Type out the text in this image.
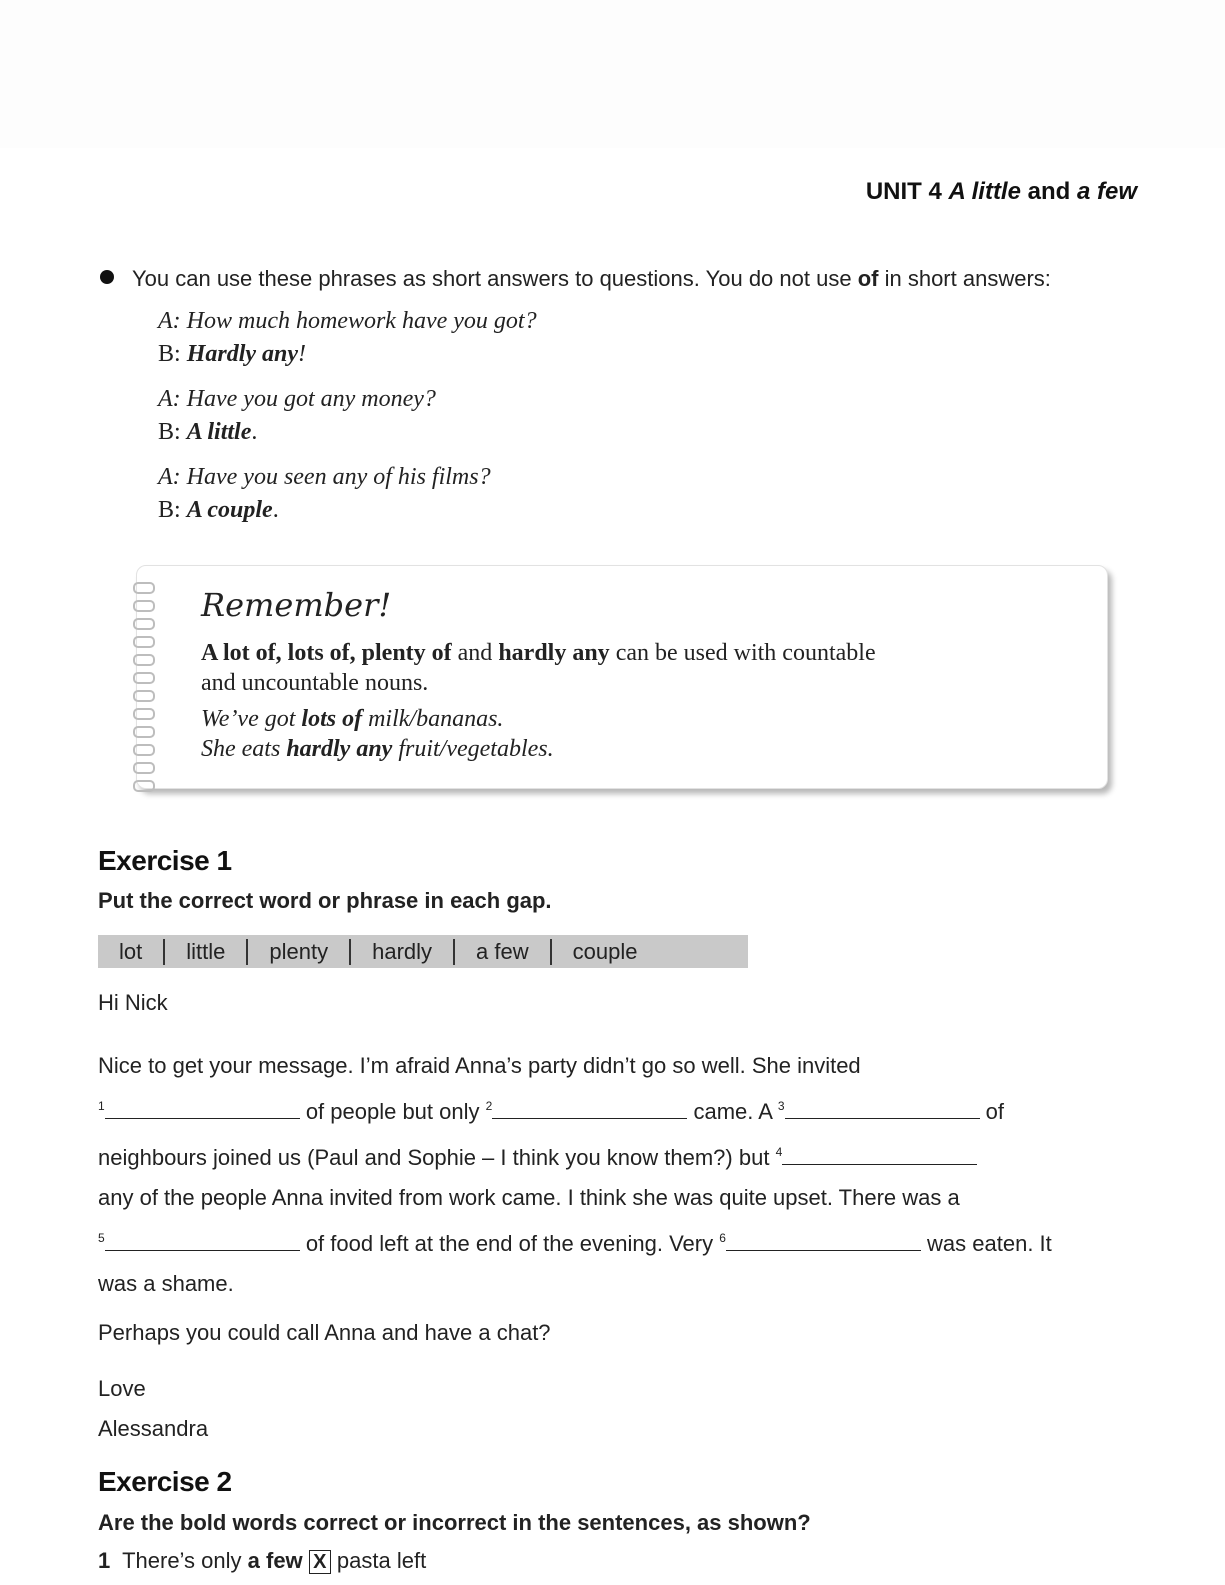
UNIT 4 A little and a few
You can use these phrases as short answers to questions. You do not use of in short answers:
A: How much homework have you got?
B: Hardly any!
A: Have you got any money?
B: A little.
A: Have you seen any of his films?
B: A couple.
Remember!
A lot of, lots of, plenty of and hardly any can be used with countable
and uncountable nouns.
We’ve got lots of milk/bananas.
She eats hardly any fruit/vegetables.
Exercise 1
Put the correct word or phrase in each gap.
lot	little	plenty	hardly	a few	couple

Hi Nick

Nice to get your message. I’m afraid Anna’s party didn’t go so well. She invited
$^1$	of people but only $^2$	came. A $^3$	of
neighbours joined us (Paul and Sophie – I think you know them?) but $^4$
any of the people Anna invited from work came. I think she was quite upset. There was a
$^5$	of food left at the end of the evening. Very $^6$	was eaten. It
was a shame.

Perhaps you could call Anna and have a chat?

Love

Alessandra

Exercise 2
Are the bold words correct or incorrect in the sentences, as shown?
1 There’s only a few X pasta left
